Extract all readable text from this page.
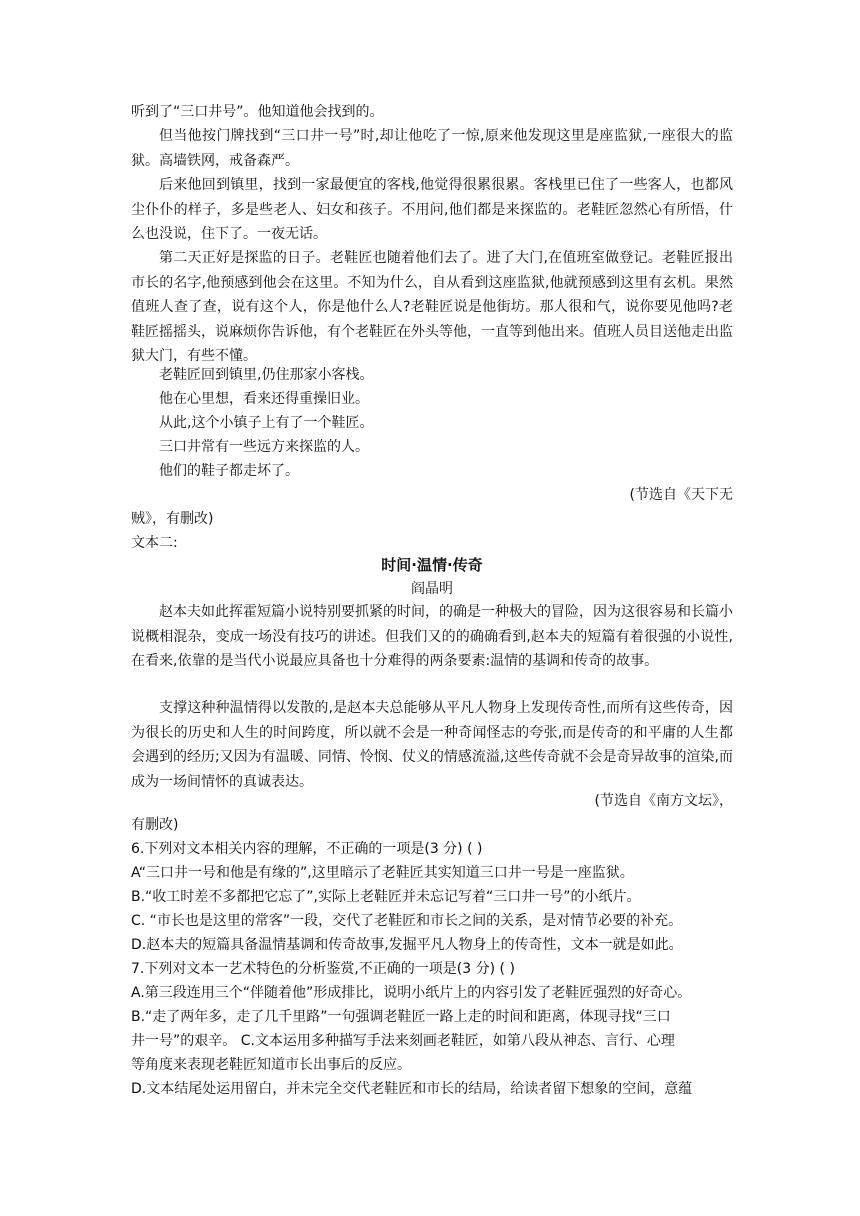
听到了“三口井号”。他知道他会找到的。

但当他按门牌找到“三口井一号”时,却让他吃了一惊,原来他发现这里是座监狱,一座很大的监狱。高墙铁网，戒备森严。

后来他回到镇里，找到一家最便宜的客栈,他觉得很累很累。客栈里已住了一些客人，也都风尘仆仆的样子，多是些老人、妇女和孩子。不用问,他们都是来探监的。老鞋匠忽然心有所悟，什么也没说，住下了。一夜无话。

第二天正好是探监的日子。老鞋匠也随着他们去了。进了大门,在值班室做登记。老鞋匠报出市长的名字,他预感到他会在这里。不知为什么，自从看到这座监狱,他就预感到这里有玄机。果然值班人查了查，说有这个人，你是他什么人?老鞋匠说是他街坊。那人很和气，说你要见他吗?老鞋匠摇摇头，说麻烦你告诉他，有个老鞋匠在外头等他，一直等到他出来。值班人员目送他走出监狱大门，有些不懂。

老鞋匠回到镇里,仍住那家小客栈。

他在心里想，看来还得重操旧业。

从此,这个小镇子上有了一个鞋匠。

三口井常有一些远方来探监的人。

他们的鞋子都走坏了。

(节选自《天下无

贼》，有删改)

文本二:

时间·温情·传奇

阎晶明

赵本夫如此挥霍短篇小说特别要抓紧的时间，的确是一种极大的冒险，因为这很容易和长篇小说概相混杂，变成一场没有技巧的讲述。但我们又的的确确看到,赵本夫的短篇有着很强的小说性,在看来,依靠的是当代小说最应具备也十分难得的两条要素:温情的基调和传奇的故事。

支撑这种种温情得以发散的,是赵本夫总能够从平凡人物身上发现传奇性,而所有这些传奇，因为很长的历史和人生的时间跨度，所以就不会是一种奇闻怪志的夸张,而是传奇的和平庸的人生都会遇到的经历;又因为有温暖、同情、怜悯、仗义的情感流溢,这些传奇就不会是奇异故事的渲染,而成为一场间情怀的真诚表达。

(节选自《南方文坛》，

有删改)

6.下列对文本相关内容的理解，不正确的一项是(3 分) ( )

A“三口井一号和他是有缘的”,这里暗示了老鞋匠其实知道三口井一号是一座监狱。

B.“收工时差不多都把它忘了”,实际上老鞋匠并未忘记写着“三口井一号”的小纸片。

C. “市长也是这里的常客”一段，交代了老鞋匠和市长之间的关系，是对情节必要的补充。

D.赵本夫的短篇具备温情基调和传奇故事,发掘平凡人物身上的传奇性，文本一就是如此。

7.下列对文本一艺术特色的分析鉴赏,不正确的一项是(3 分) ( )

A.第三段连用三个“伴随着他”形成排比，说明小纸片上的内容引发了老鞋匠强烈的好奇心。

B.“走了两年多，走了几千里路”一句强调老鞋匠一路上走的时间和距离，体现寻找“三口

井一号”的艰辛。 C.文本运用多种描写手法来刻画老鞋匠，如第八段从神态、言行、心理

等角度来表现老鞋匠知道市长出事后的反应。

D.文本结尾处运用留白，并未完全交代老鞋匠和市长的结局，给读者留下想象的空间，意蕴
